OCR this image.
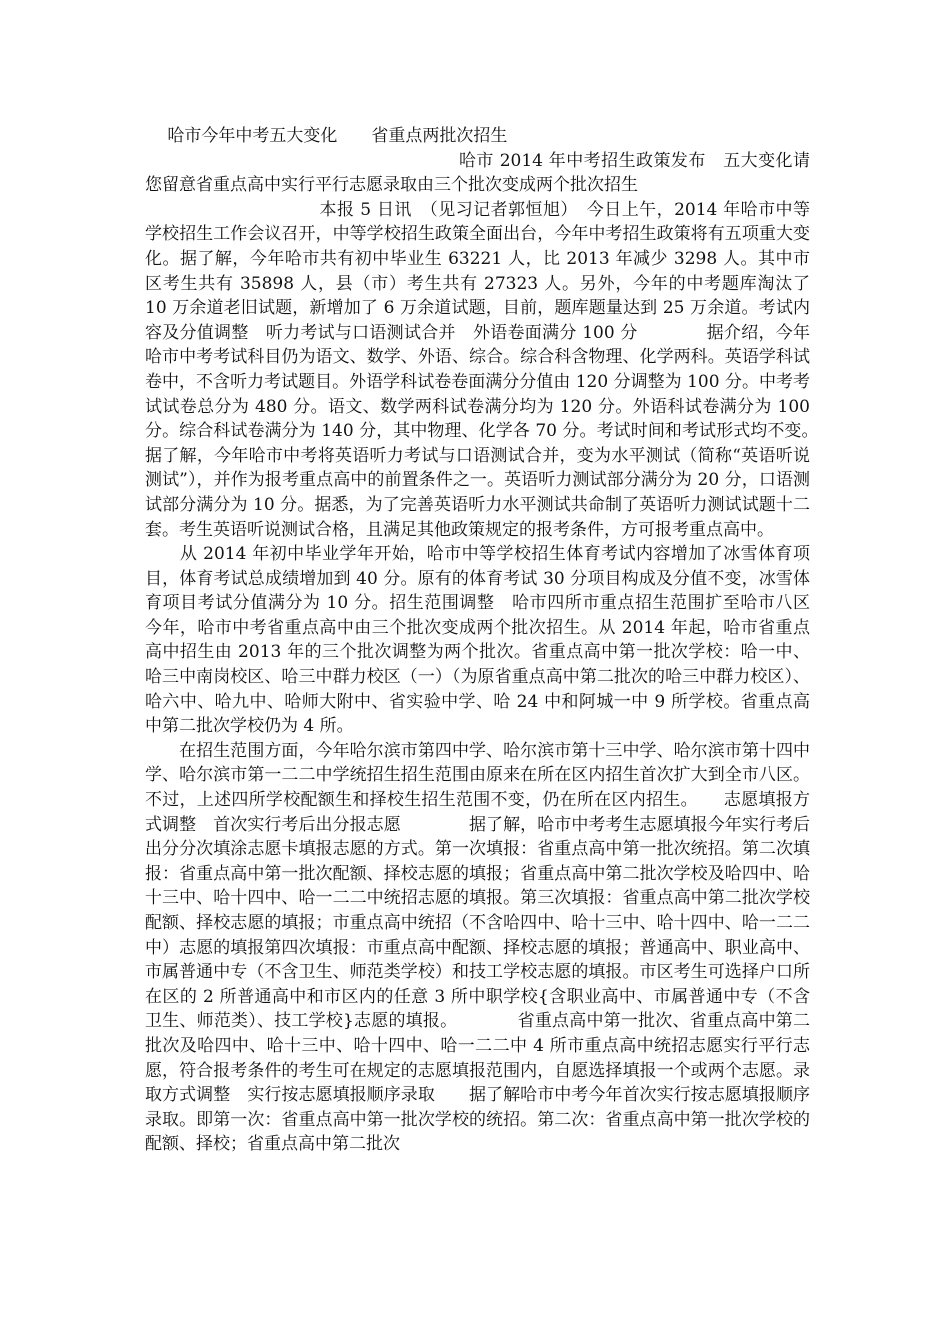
　 哈市今年中考五大变化　　省重点两批次招生

　　　　　　　　　　　　　　　　　　哈市 2014 年中考招生政策发布　五大变化请您留意省重点高中实行平行志愿录取由三个批次变成两个批次招生

　　　　　　　　　　本报 5 日讯　（见习记者郭恒旭）　今日上午，2014 年哈市中等学校招生工作会议召开，中等学校招生政策全面出台，今年中考招生政策将有五项重大变化。据了解，今年哈市共有初中毕业生 63221 人，比 2013 年减少 3298 人。其中市区考生共有 35898 人，县（市）考生共有 27323 人。另外，今年的中考题库淘汰了 10 万余道老旧试题，新增加了 6 万余道试题，目前，题库题量达到 25 万余道。考试内容及分值调整　听力考试与口语测试合并　外语卷面满分 100 分　　　　据介绍，今年哈市中考考试科目仍为语文、数学、外语、综合。综合科含物理、化学两科。英语学科试卷中，不含听力考试题目。外语学科试卷卷面满分分值由 120 分调整为 100 分。中考考试试卷总分为 480 分。语文、数学两科试卷满分均为 120 分。外语科试卷满分为 100 分。综合科试卷满分为 140 分，其中物理、化学各 70 分。考试时间和考试形式均不变。　　　据了解，今年哈市中考将英语听力考试与口语测试合并，变为水平测试（简称“英语听说测试”），并作为报考重点高中的前置条件之一。英语听力测试部分满分为 20 分，口语测试部分满分为 10 分。据悉，为了完善英语听力水平测试共命制了英语听力测试试题十二套。考生英语听说测试合格，且满足其他政策规定的报考条件，方可报考重点高中。

　　从 2014 年初中毕业学年开始，哈市中等学校招生体育考试内容增加了冰雪体育项目，体育考试总成绩增加到 40 分。原有的体育考试 30 分项目构成及分值不变，冰雪体育项目考试分值满分为 10 分。招生范围调整　哈市四所市重点招生范围扩至哈市八区　　　　　今年，哈市中考省重点高中由三个批次变成两个批次招生。从 2014 年起，哈市省重点高中招生由 2013 年的三个批次调整为两个批次。省重点高中第一批次学校：哈一中、哈三中南岗校区、哈三中群力校区（一）（为原省重点高中第二批次的哈三中群力校区）、哈六中、哈九中、哈师大附中、省实验中学、哈 24 中和阿城一中 9 所学校。省重点高中第二批次学校仍为 4 所。

　　在招生范围方面，今年哈尔滨市第四中学、哈尔滨市第十三中学、哈尔滨市第十四中学、哈尔滨市第一二二中学统招生招生范围由原来在所在区内招生首次扩大到全市八区。不过，上述四所学校配额生和择校生招生范围不变，仍在所在区内招生。　　志愿填报方式调整　首次实行考后出分报志愿　　　　据了解，哈市中考考生志愿填报今年实行考后出分分次填涂志愿卡填报志愿的方式。第一次填报：省重点高中第一批次统招。第二次填报：省重点高中第一批次配额、择校志愿的填报；省重点高中第二批次学校及哈四中、哈十三中、哈十四中、哈一二二中统招志愿的填报。第三次填报：省重点高中第二批次学校配额、择校志愿的填报；市重点高中统招（不含哈四中、哈十三中、哈十四中、哈一二二中）志愿的填报第四次填报：市重点高中配额、择校志愿的填报；普通高中、职业高中、市属普通中专（不含卫生、师范类学校）和技工学校志愿的填报。市区考生可选择户口所在区的 2 所普通高中和市区内的任意 3 所中职学校{含职业高中、市属普通中专（不含卫生、师范类）、技工学校}志愿的填报。　　　　省重点高中第一批次、省重点高中第二批次及哈四中、哈十三中、哈十四中、哈一二二中 4 所市重点高中统招志愿实行平行志愿，符合报考条件的考生可在规定的志愿填报范围内，自愿选择填报一个或两个志愿。录取方式调整　实行按志愿填报顺序录取　　据了解哈市中考今年首次实行按志愿填报顺序录取。即第一次：省重点高中第一批次学校的统招。第二次：省重点高中第一批次学校的配额、择校；省重点高中第二批次
